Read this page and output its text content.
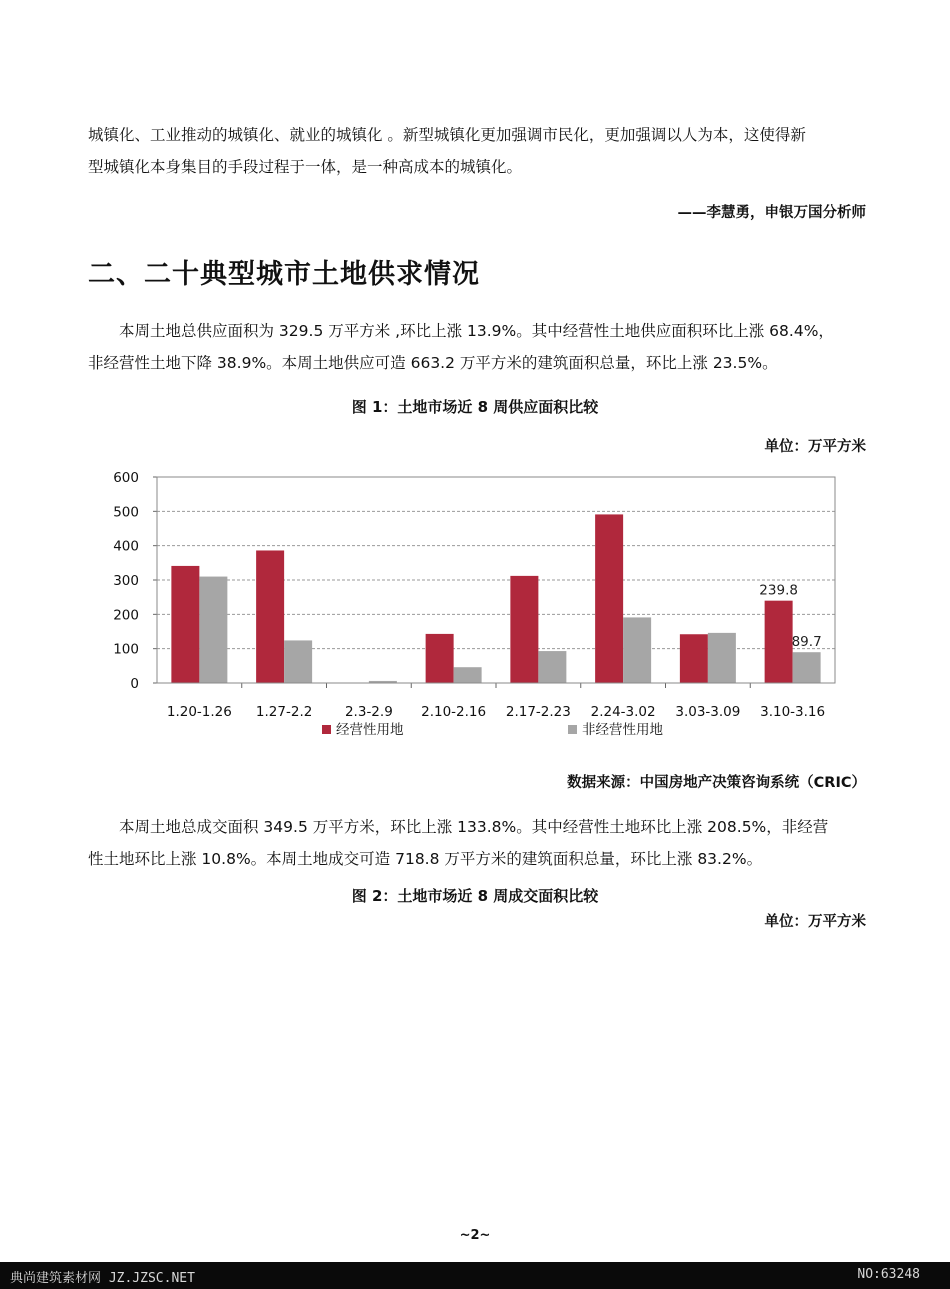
城镇化、工业推动的城镇化、就业的城镇化 。新型城镇化更加强调市民化，更加强调以人为本，这使得新
型城镇化本身集目的手段过程于一体，是一种高成本的城镇化。

——李慧勇，申银万国分析师
二、二十典型城市土地供求情况

本周土地总供应面积为 329.5 万平方米 ,环比上涨 13.9%。其中经营性土地供应面积环比上涨 68.4%，
非经营性土地下降 38.9%。本周土地供应可造 663.2 万平方米的建筑面积总量，环比上涨 23.5%。

图 1：土地市场近 8 周供应面积比较
单位：万平方米
0
100
200
300
400
500
600
1.20-1.26 1.27-2.2 2.3-2.9 2.10-2.16 2.17-2.23 2.24-3.02 3.03-3.09 3.10-3.16
239.8
89.7
经营性用地	非经营性用地
数据来源：中国房地产决策咨询系统（CRIC）

本周土地总成交面积 349.5 万平方米，环比上涨 133.8%。其中经营性土地环比上涨 208.5%，非经营
性土地环比上涨 10.8%。本周土地成交可造 718.8 万平方米的建筑面积总量，环比上涨 83.2%。

图 2：土地市场近 8 周成交面积比较
单位：万平方米
~2~
典尚建筑素材网 JZ.JZSC.NET	NO:63248
